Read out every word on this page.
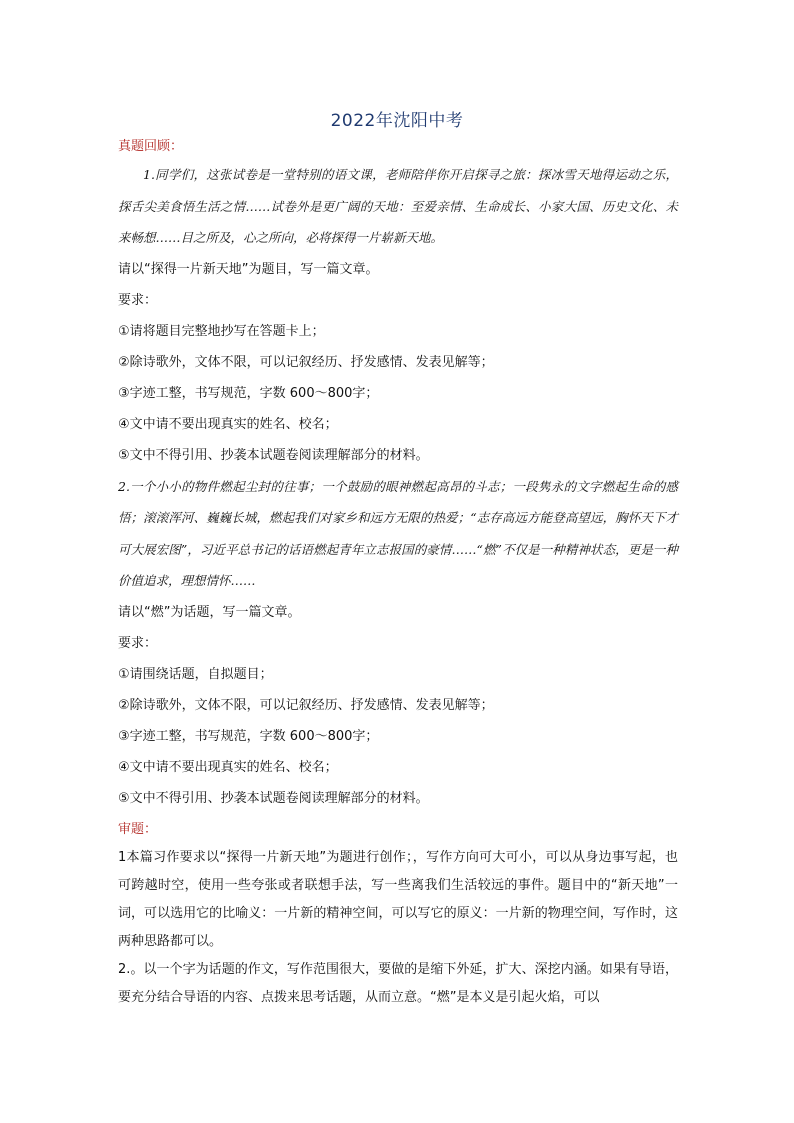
2022年沈阳中考
真题回顾：
1.同学们，这张试卷是一堂特别的语文课，老师陪伴你开启探寻之旅：探冰雪天地得运动之乐，探舌尖美食悟生活之情……试卷外是更广阔的天地：至爱亲情、生命成长、小家大国、历史文化、未来畅想……目之所及，心之所向，必将探得一片崭新天地。
请以“探得一片新天地”为题目，写一篇文章。
要求：
①请将题目完整地抄写在答题卡上；
②除诗歌外，文体不限，可以记叙经历、抒发感情、发表见解等；
③字迹工整，书写规范，字数 600～800字；
④文中请不要出现真实的姓名、校名；
⑤文中不得引用、抄袭本试题卷阅读理解部分的材料。
2.一个小小的物件燃起尘封的往事；一个鼓励的眼神燃起高昂的斗志；一段隽永的文字燃起生命的感悟；滚滚浑河、巍巍长城，燃起我们对家乡和远方无限的热爱；“志存高远方能登高望远，胸怀天下才可大展宏图”，习近平总书记的话语燃起青年立志报国的豪情……“燃”不仅是一种精神状态，更是一种价值追求，理想情怀……
请以“燃”为话题，写一篇文章。
要求：
①请围绕话题，自拟题目；
②除诗歌外，文体不限，可以记叙经历、抒发感情、发表见解等；
③字迹工整，书写规范，字数 600～800字；
④文中请不要出现真实的姓名、校名；
⑤文中不得引用、抄袭本试题卷阅读理解部分的材料。
审题：
1本篇习作要求以“探得一片新天地”为题进行创作；，写作方向可大可小，可以从身边事写起，也可跨越时空，使用一些夸张或者联想手法，写一些离我们生活较远的事件。题目中的“新天地”一词，可以选用它的比喻义：一片新的精神空间，可以写它的原义：一片新的物理空间，写作时，这两种思路都可以。
2.。以一个字为话题的作文，写作范围很大，要做的是缩下外延，扩大、深挖内涵。如果有导语，要充分结合导语的内容、点拨来思考话题，从而立意。“燃”是本义是引起火焰，可以
